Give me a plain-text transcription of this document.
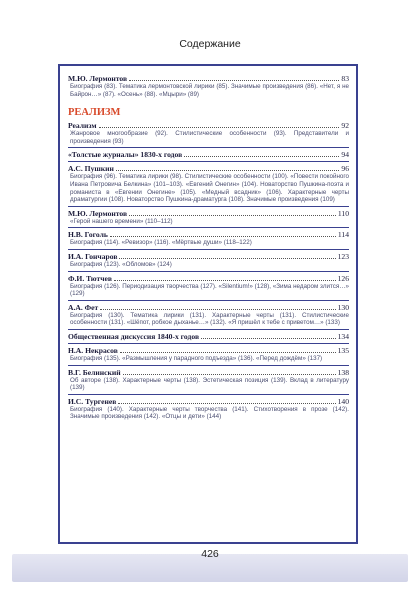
Содержание
М.Ю. Лермонтов	83
Биография (83). Тематика лермонтовской лирики (85). Значимые произведения (86). «Нет, я не Байрон…» (87). «Осень» (88). «Мцыри» (89)
РЕАЛИЗМ
Реализм	92
Жанровое многообразие (92). Стилистические особенности (93). Представители и произведения (93)
«Толстые журналы» 1830-х годов	94
А.С. Пушкин	96
Биография (96). Тематика лирики (98). Стилистические особенности (100). «Повести покойного Ивана Петровича Белкина» (101–103). «Евгений Онегин» (104). Новаторство Пушкина-поэта и романиста в «Евгении Онегине» (105). «Медный всадник» (106). Характерные черты драматургии (108). Новаторство Пушкина-драматурга (108). Значимые произведения (109)
М.Ю. Лермонтов	110
«Герой нашего времени» (110–112)
Н.В. Гоголь	114
Биография (114). «Ревизор» (116). «Мёртвые души» (118–122)
И.А. Гончаров	123
Биография (123). «Обломов» (124)
Ф.И. Тютчев	126
Биография (126). Периодизация творчества (127). «Silentium!» (128), «Зима недаром злится…» (129)
А.А. Фет	130
Биография (130). Тематика лирики (131). Характерные черты (131). Стилистические особенности (131). «Шёпот, робкое дыханье…» (132). «Я пришёл к тебе с приветом…» (133)
Общественная дискуссия 1840-х годов	134
Н.А. Некрасов	135
Биография (135). «Размышления у парадного подъезда» (136). «Перед дождём» (137)
В.Г. Белинский	138
Об авторе (138). Характерные черты (138). Эстетическая позиция (139). Вклад в литературу (139)
И.С. Тургенев	140
Биография (140). Характерные черты творчества (141). Стихотворения в прозе (142). Значимые произведения (142). «Отцы и дети» (144)
426
